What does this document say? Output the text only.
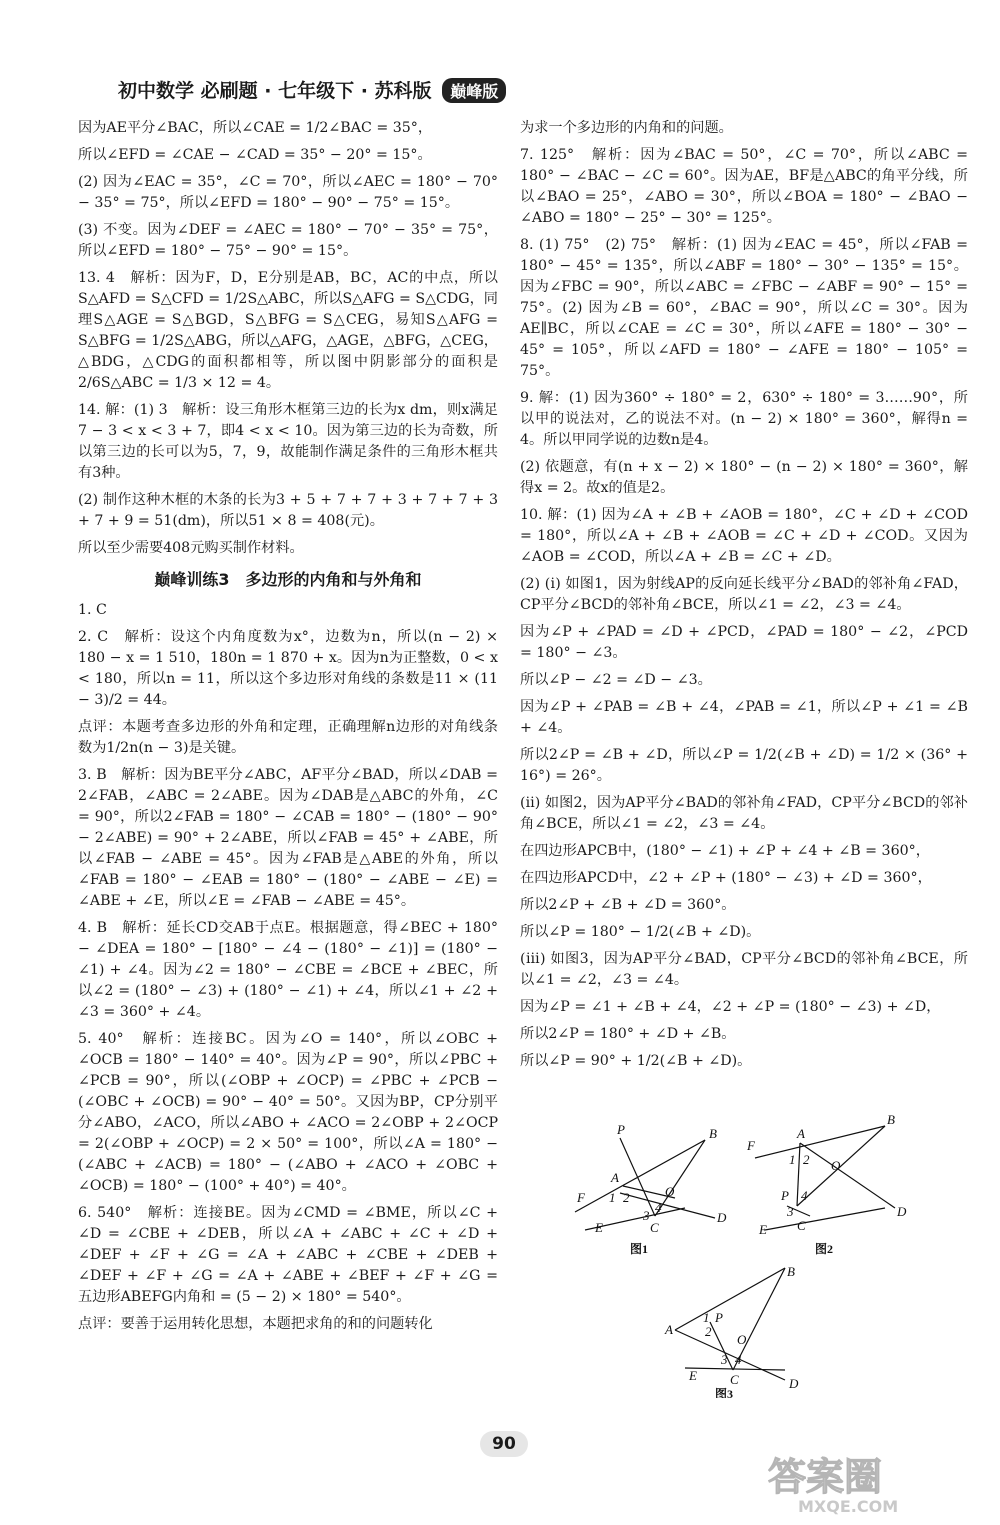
初中数学 必刷题 · 七年级下 · 苏科版 巅峰版

因为AE平分∠BAC，所以∠CAE = 1/2∠BAC = 35°，

所以∠EFD = ∠CAE − ∠CAD = 35° − 20° = 15°。

(2) 因为∠EAC = 35°，∠C = 70°，所以∠AEC = 180° − 70° − 35° = 75°，所以∠EFD = 180° − 90° − 75° = 15°。

(3) 不变。因为∠DEF = ∠AEC = 180° − 70° − 35° = 75°，所以∠EFD = 180° − 75° − 90° = 15°。

13. 4　解析：因为F，D，E分别是AB，BC，AC的中点，所以S△AFD = S△CFD = 1/2S△ABC，所以S△AFG = S△CDG，同理S△AGE = S△BGD，S△BFG = S△CEG，易知S△AFG = S△BFG = 1/2S△ABG，所以△AFG，△AGE，△BFG，△CEG，△BDG，△CDG的面积都相等，所以图中阴影部分的面积是2/6S△ABC = 1/3 × 12 = 4。

14. 解：(1) 3　解析：设三角形木框第三边的长为x dm，则x满足7 − 3 < x < 3 + 7，即4 < x < 10。因为第三边的长为奇数，所以第三边的长可以为5，7，9，故能制作满足条件的三角形木框共有3种。

(2) 制作这种木框的木条的长为3 + 5 + 7 + 7 + 3 + 7 + 7 + 3 + 7 + 9 = 51(dm)，所以51 × 8 = 408(元)。

所以至少需要408元购买制作材料。

巅峰训练3　多边形的内角和与外角和

1. C

2. C　解析：设这个内角度数为x°，边数为n，所以(n − 2) × 180 − x = 1 510，180n = 1 870 + x。因为n为正整数，0 < x < 180，所以n = 11，所以这个多边形对角线的条数是11 × (11 − 3)/2 = 44。

点评：本题考查多边形的外角和定理，正确理解n边形的对角线条数为1/2n(n − 3)是关键。

3. B　解析：因为BE平分∠ABC，AF平分∠BAD，所以∠DAB = 2∠FAB，∠ABC = 2∠ABE。因为∠DAB是△ABC的外角，∠C = 90°，所以2∠FAB = 180° − ∠CAB = 180° − (180° − 90° − 2∠ABE) = 90° + 2∠ABE，所以∠FAB = 45° + ∠ABE，所以∠FAB − ∠ABE = 45°。因为∠FAB是△ABE的外角，所以∠FAB = 180° − ∠EAB = 180° − (180° − ∠ABE − ∠E) = ∠ABE + ∠E，所以∠E = ∠FAB − ∠ABE = 45°。

4. B　解析：延长CD交AB于点E。根据题意，得∠BEC + 180° − ∠DEA = 180° − [180° − ∠4 − (180° − ∠1)] = (180° − ∠1) + ∠4。因为∠2 = 180° − ∠CBE = ∠BCE + ∠BEC，所以∠2 = (180° − ∠3) + (180° − ∠1) + ∠4，所以∠1 + ∠2 + ∠3 = 360° + ∠4。

5. 40°　解析：连接BC。因为∠O = 140°，所以∠OBC + ∠OCB = 180° − 140° = 40°。因为∠P = 90°，所以∠PBC + ∠PCB = 90°，所以(∠OBP + ∠OCP) = ∠PBC + ∠PCB − (∠OBC + ∠OCB) = 90° − 40° = 50°。又因为BP，CP分别平分∠ABO，∠ACO，所以∠ABO + ∠ACO = 2∠OBP + 2∠OCP = 2(∠OBP + ∠OCP) = 2 × 50° = 100°，所以∠A = 180° − (∠ABC + ∠ACB) = 180° − (∠ABO + ∠ACO + ∠OBC + ∠OCB) = 180° − (100° + 40°) = 40°。

6. 540°　解析：连接BE。因为∠CMD = ∠BME，所以∠C + ∠D = ∠CBE + ∠DEB，所以∠A + ∠ABC + ∠C + ∠D + ∠DEF + ∠F + ∠G = ∠A + ∠ABC + ∠CBE + ∠DEB + ∠DEF + ∠F + ∠G = ∠A + ∠ABE + ∠BEF + ∠F + ∠G = 五边形ABEFG内角和 = (5 − 2) × 180° = 540°。

点评：要善于运用转化思想，本题把求角的和的问题转化

为求一个多边形的内角和的问题。

7. 125°　解析：因为∠BAC = 50°，∠C = 70°，所以∠ABC = 180° − ∠BAC − ∠C = 60°。因为AE，BF是△ABC的角平分线，所以∠BAO = 25°，∠ABO = 30°，所以∠BOA = 180° − ∠BAO − ∠ABO = 180° − 25° − 30° = 125°。

8. (1) 75°　(2) 75°　解析：(1) 因为∠EAC = 45°，所以∠FAB = 180° − 45° = 135°，所以∠ABF = 180° − 30° − 135° = 15°。因为∠FBC = 90°，所以∠ABC = ∠FBC − ∠ABF = 90° − 15° = 75°。(2) 因为∠B = 60°，∠BAC = 90°，所以∠C = 30°。因为AE∥BC，所以∠CAE = ∠C = 30°，所以∠AFE = 180° − 30° − 45° = 105°，所以∠AFD = 180° − ∠AFE = 180° − 105° = 75°。

9. 解：(1) 因为360° ÷ 180° = 2，630° ÷ 180° = 3……90°，所以甲的说法对，乙的说法不对。(n − 2) × 180° = 360°，解得n = 4。所以甲同学说的边数n是4。

(2) 依题意，有(n + x − 2) × 180° − (n − 2) × 180° = 360°，解得x = 2。故x的值是2。

10. 解：(1) 因为∠A + ∠B + ∠AOB = 180°，∠C + ∠D + ∠COD = 180°，所以∠A + ∠B + ∠AOB = ∠C + ∠D + ∠COD。又因为∠AOB = ∠COD，所以∠A + ∠B = ∠C + ∠D。

(2) (ⅰ) 如图1，因为射线AP的反向延长线平分∠BAD的邻补角∠FAD，CP平分∠BCD的邻补角∠BCE，所以∠1 = ∠2，∠3 = ∠4。

因为∠P + ∠PAD = ∠D + ∠PCD，∠PAD = 180° − ∠2，∠PCD = 180° − ∠3。

所以∠P − ∠2 = ∠D − ∠3。

因为∠P + ∠PAB = ∠B + ∠4，∠PAB = ∠1，所以∠P + ∠1 = ∠B + ∠4。

所以2∠P = ∠B + ∠D，所以∠P = 1/2(∠B + ∠D) = 1/2 × (36° + 16°) = 26°。

(ⅱ) 如图2，因为AP平分∠BAD的邻补角∠FAD，CP平分∠BCD的邻补角∠BCE，所以∠1 = ∠2，∠3 = ∠4。

在四边形APCB中，(180° − ∠1) + ∠P + ∠4 + ∠B = 360°，

在四边形APCD中，∠2 + ∠P + (180° − ∠3) + ∠D = 360°，

所以2∠P + ∠B + ∠D = 360°。

所以∠P = 180° − 1/2(∠B + ∠D)。

(ⅲ) 如图3，因为AP平分∠BAD，CP平分∠BCD的邻补角∠BCE，所以∠1 = ∠2，∠3 = ∠4。

因为∠P = ∠1 + ∠B + ∠4，∠2 + ∠P = (180° − ∠3) + ∠D，

所以2∠P = 180° + ∠D + ∠B。

所以∠P = 90° + 1/2(∠B + ∠D)。

P	B
A
O
F 1 2
4
3
E	C
D
图1
A
B
F
1 2 O
P 4
3
E C
D
图2
B
P
1
A 2
O
4
3
E	C	D
图3
90
答案圈
MXQE.COM
